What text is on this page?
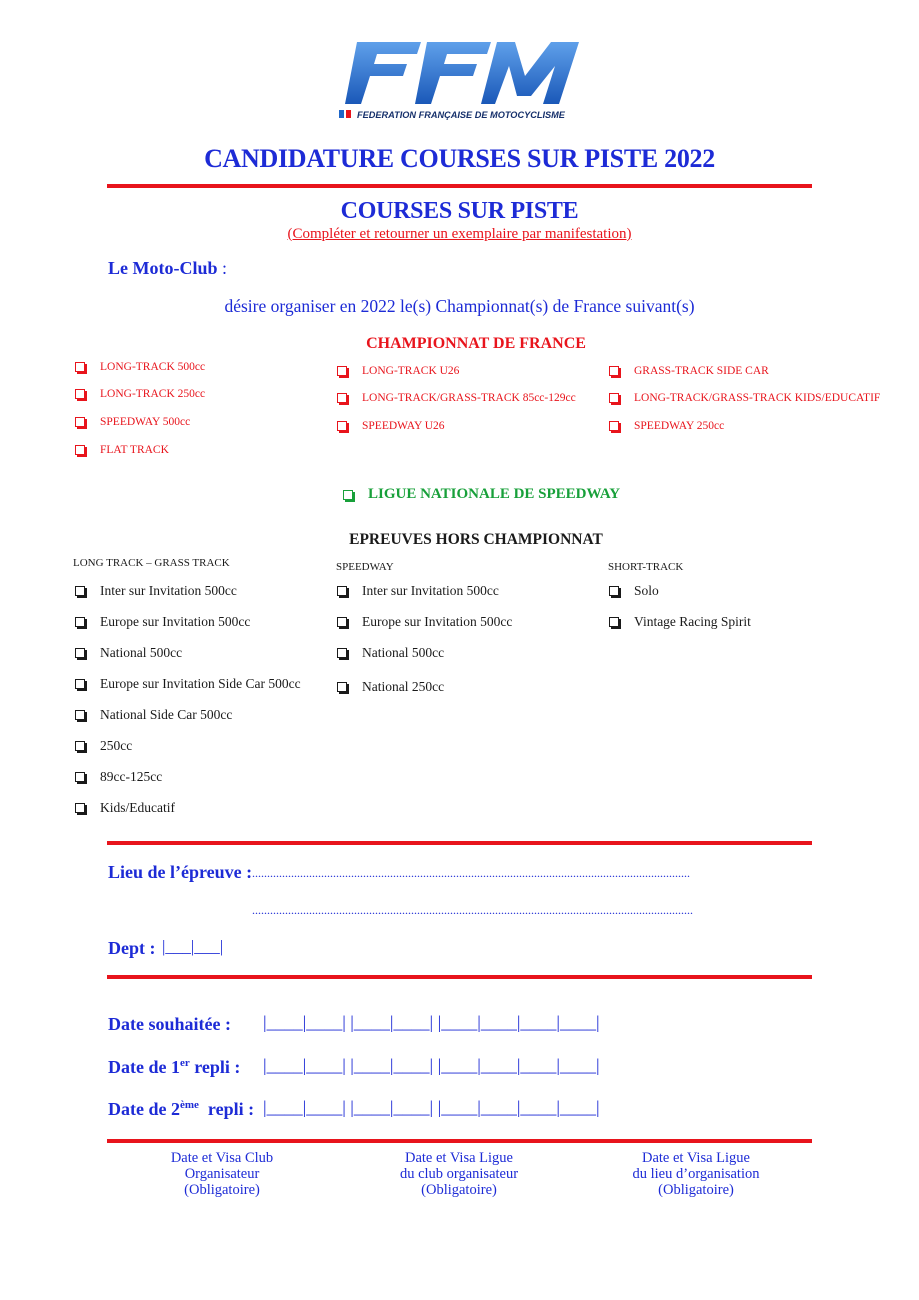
FEDERATION FRANÇAISE DE MOTOCYCLISME
CANDIDATURE COURSES SUR PISTE 2022
COURSES SUR PISTE
(Compléter et retourner un exemplaire par manifestation)
Le Moto-Club :
désire organiser en 2022 le(s) Championnat(s) de France suivant(s)
CHAMPIONNAT DE FRANCE
LONG-TRACK 500cc
LONG-TRACK 250cc
SPEEDWAY 500cc
FLAT TRACK
LONG-TRACK U26
LONG-TRACK/GRASS-TRACK 85cc-129cc
SPEEDWAY U26
GRASS-TRACK SIDE CAR
LONG-TRACK/GRASS-TRACK KIDS/EDUCATIF
SPEEDWAY 250cc
LIGUE NATIONALE DE SPEEDWAY
EPREUVES HORS CHAMPIONNAT
LONG TRACK – GRASS TRACK	SPEEDWAY	SHORT-TRACK
Inter sur Invitation 500cc
Europe sur Invitation 500cc
National 500cc
Europe sur Invitation Side Car 500cc
National Side Car 500cc
250cc
89cc-125cc
Kids/Educatif
Inter sur Invitation 500cc
Europe sur Invitation 500cc
National 500cc
National 250cc
Solo
Vintage Racing Spirit
Lieu de l’épreuve : ..................................................................................................................................................
...................................................................................................................................................
Dept : |___|___|
Date souhaitée : |____|____| |____|____| |____|____|____|____|
Date de 1er repli : |____|____| |____|____| |____|____|____|____|
Date de 2ème  repli : |____|____| |____|____| |____|____|____|____|
Date et Visa Club
Organisateur
(Obligatoire)
Date et Visa Ligue
du club organisateur
(Obligatoire)
Date et Visa Ligue
du lieu d’organisation
(Obligatoire)
